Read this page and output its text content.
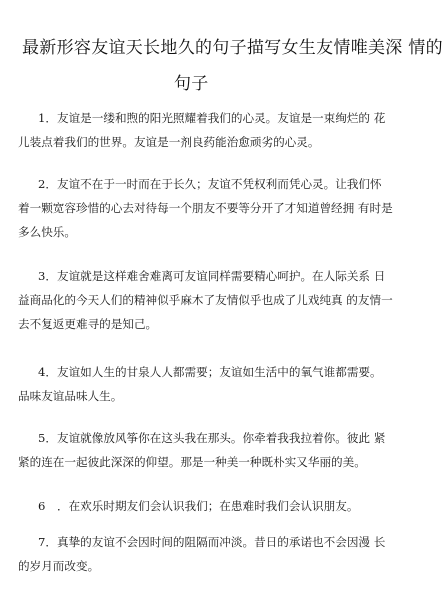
最新形容友谊天长地久的句子描写女生友情唯美深 情的
句子
1．友谊是一缕和煦的阳光照耀着我们的心灵。友谊是一束绚烂的 花
儿装点着我们的世界。友谊是一剂良药能治愈顽劣的心灵。
2．友谊不在于一时而在于长久；友谊不凭权利而凭心灵。让我们怀
着一颗宽容珍惜的心去对待每一个朋友不要等分开了才知道曾经拥 有时是
多么快乐。
3．友谊就是这样难舍难离可友谊同样需要精心呵护。在人际关系 日
益商品化的今天人们的精神似乎麻木了友情似乎也成了儿戏纯真 的友情一
去不复返更难寻的是知己。
4．友谊如人生的甘泉人人都需要；友谊如生活中的氧气谁都需要。
品味友谊品味人生。
5．友谊就像放风筝你在这头我在那头。你牵着我我拉着你。彼此 紧
紧的连在一起彼此深深的仰望。那是一种美一种既朴实又华丽的美。
6　．在欢乐时期友们会认识我们；在患难时我们会认识朋友。
7．真挚的友谊不会因时间的阻隔而冲淡。昔日的承诺也不会因漫 长
的岁月而改变。
